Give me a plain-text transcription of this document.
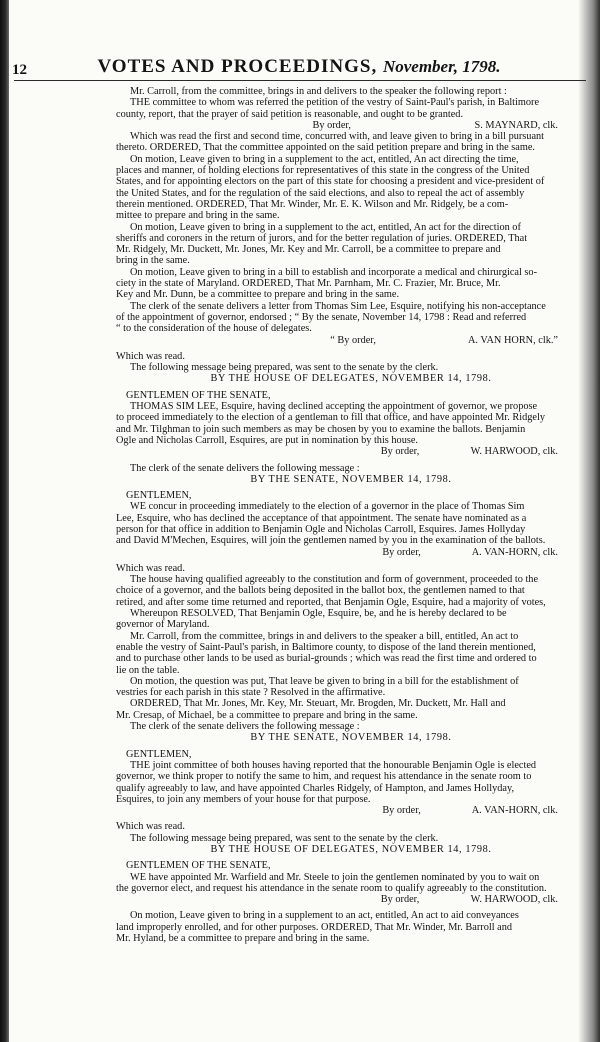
12	VOTES AND PROCEEDINGS, November, 1798.
Mr. Carroll, from the committee, brings in and delivers to the speaker the following report :
THE committee to whom was referred the petition of the vestry of Saint-Paul's parish, in Baltimore
county, report, that the prayer of said petition is reasonable, and ought to be granted.
By order,                                                S. MAYNARD, clk.
Which was read the first and second time, concurred with, and leave given to bring in a bill pursuant
thereto. ORDERED, That the committee appointed on the said petition prepare and bring in the same.
On motion, Leave given to bring in a supplement to the act, entitled, An act directing the time,
places and manner, of holding elections for representatives of this state in the congress of the United
States, and for appointing electors on the part of this state for choosing a president and vice-president of
the United States, and for the regulation of the said elections, and also to repeal the act of assembly
therein mentioned. ORDERED, That Mr. Winder, Mr. E. K. Wilson and Mr. Ridgely, be a com-
mittee to prepare and bring in the same.
On motion, Leave given to bring in a supplement to the act, entitled, An act for the direction of
sheriffs and coroners in the return of jurors, and for the better regulation of juries. ORDERED, That
Mr. Ridgely, Mr. Duckett, Mr. Jones, Mr. Key and Mr. Carroll, be a committee to prepare and
bring in the same.
On motion, Leave given to bring in a bill to establish and incorporate a medical and chirurgical so-
ciety in the state of Maryland. ORDERED, That Mr. Parnham, Mr. C. Frazier, Mr. Bruce, Mr.
Key and Mr. Dunn, be a committee to prepare and bring in the same.
The clerk of the senate delivers a letter from Thomas Sim Lee, Esquire, notifying his non-acceptance
of the appointment of governor, endorsed ; “ By the senate, November 14, 1798 : Read and referred
“ to the consideration of the house of delegates.
“ By order,                                    A. VAN HORN, clk.”
Which was read.
The following message being prepared, was sent to the senate by the clerk.
BY THE HOUSE OF DELEGATES, NOVEMBER 14, 1798.
GENTLEMEN OF THE SENATE,
THOMAS SIM LEE, Esquire, having declined accepting the appointment of governor, we propose
to proceed immediately to the election of a gentleman to fill that office, and have appointed Mr. Ridgely
and Mr. Tilghman to join such members as may be chosen by you to examine the ballots. Benjamin
Ogle and Nicholas Carroll, Esquires, are put in nomination by this house.
By order,                    W. HARWOOD, clk.
The clerk of the senate delivers the following message :
BY THE SENATE, NOVEMBER 14, 1798.
GENTLEMEN,
WE concur in proceeding immediately to the election of a governor in the place of Thomas Sim
Lee, Esquire, who has declined the acceptance of that appointment. The senate have nominated as a
person for that office in addition to Benjamin Ogle and Nicholas Carroll, Esquires. James Hollyday
and David M'Mechen, Esquires, will join the gentlemen named by you in the examination of the ballots.
By order,                    A. VAN-HORN, clk.
Which was read.
The house having qualified agreeably to the constitution and form of government, proceeded to the
choice of a governor, and the ballots being deposited in the ballot box, the gentlemen named to that
retired, and after some time returned and reported, that Benjamin Ogle, Esquire, had a majority of votes,
Whereupon RESOLVED, That Benjamin Ogle, Esquire, be, and he is hereby declared to be
governor of Maryland.
Mr. Carroll, from the committee, brings in and delivers to the speaker a bill, entitled, An act to
enable the vestry of Saint-Paul's parish, in Baltimore county, to dispose of the land therein mentioned,
and to purchase other lands to be used as burial-grounds ; which was read the first time and ordered to
lie on the table.
On motion, the question was put, That leave be given to bring in a bill for the establishment of
vestries for each parish in this state ? Resolved in the affirmative.
ORDERED, That Mr. Jones, Mr. Key, Mr. Steuart, Mr. Brogden, Mr. Duckett, Mr. Hall and
Mr. Cresap, of Michael, be a committee to prepare and bring in the same.
The clerk of the senate delivers the following message :
BY THE SENATE, NOVEMBER 14, 1798.
GENTLEMEN,
THE joint committee of both houses having reported that the honourable Benjamin Ogle is elected
governor, we think proper to notify the same to him, and request his attendance in the senate room to
qualify agreeably to law, and have appointed Charles Ridgely, of Hampton, and James Hollyday,
Esquires, to join any members of your house for that purpose.
By order,                    A. VAN-HORN, clk.
Which was read.
The following message being prepared, was sent to the senate by the clerk.
BY THE HOUSE OF DELEGATES, NOVEMBER 14, 1798.
GENTLEMEN OF THE SENATE,
WE have appointed Mr. Warfield and Mr. Steele to join the gentlemen nominated by you to wait on
the governor elect, and request his attendance in the senate room to qualify agreeably to the constitution.
By order,                    W. HARWOOD, clk.
On motion, Leave given to bring in a supplement to an act, entitled, An act to aid conveyances
land improperly enrolled, and for other purposes. ORDERED, That Mr. Winder, Mr. Barroll and
Mr. Hyland, be a committee to prepare and bring in the same.
